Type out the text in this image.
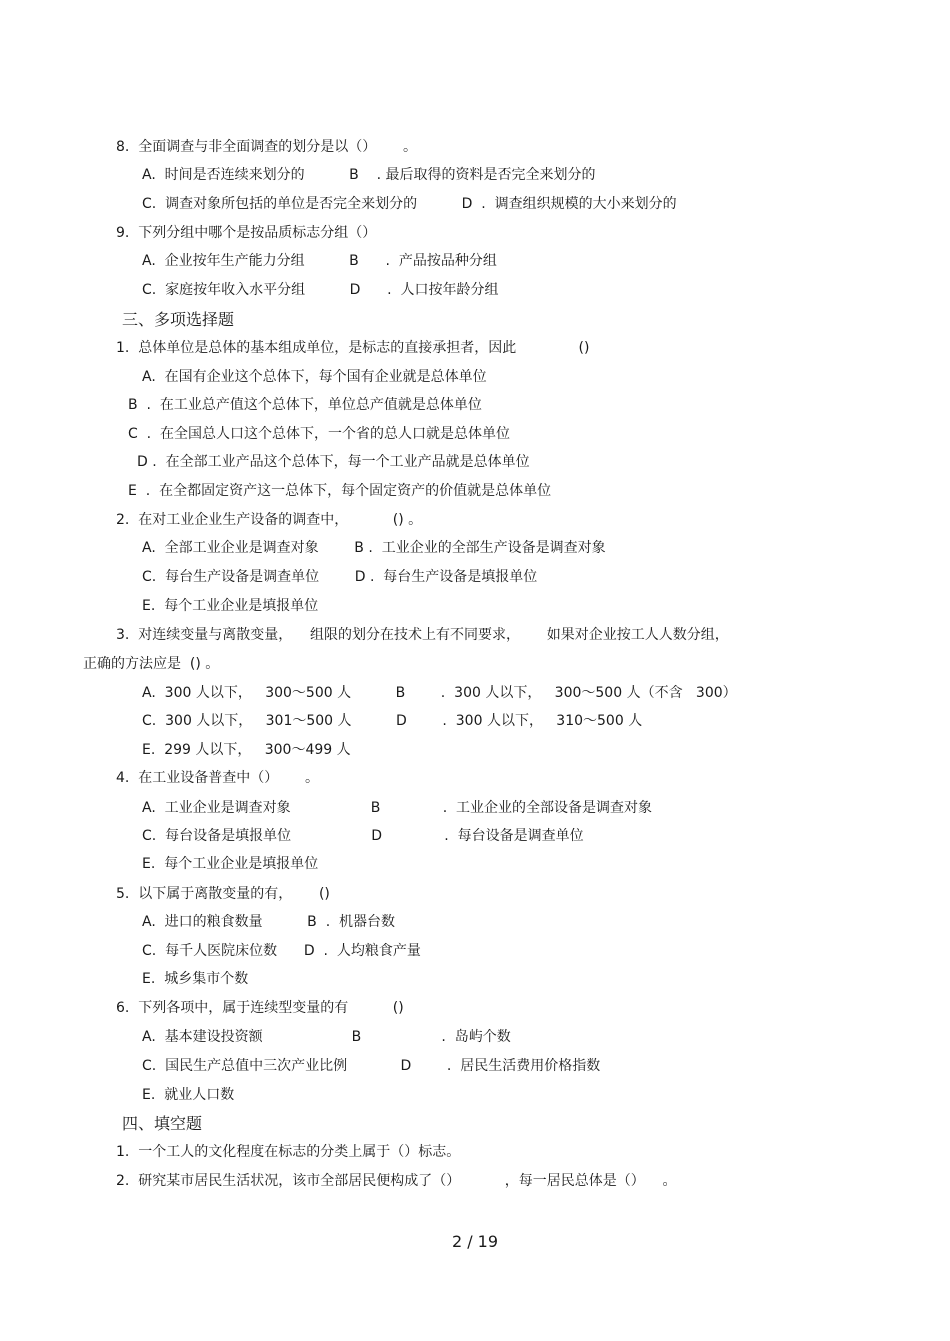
8.  全面调查与非全面调查的划分是以（）      。
A.  时间是否连续来划分的          B    . 最后取得的资料是否完全来划分的
C.  调查对象所包括的单位是否完全来划分的          D  .  调查组织规模的大小来划分的
9.  下列分组中哪个是按品质标志分组（）
A.  企业按年生产能力分组          B      .  产品按品种分组
C.  家庭按年收入水平分组          D      .  人口按年龄分组
三、多项选择题
1.  总体单位是总体的基本组成单位，是标志的直接承担者，因此              ()
A.  在国有企业这个总体下，每个国有企业就是总体单位
B  .  在工业总产值这个总体下，单位总产值就是总体单位
C  .  在全国总人口这个总体下，一个省的总人口就是总体单位
D .  在全部工业产品这个总体下，每一个工业产品就是总体单位
E  .  在全都固定资产这一总体下，每个固定资产的价值就是总体单位
2.  在对工业企业生产设备的调查中，          () 。
A.  全部工业企业是调查对象        B .  工业企业的全部生产设备是调查对象
C.  每台生产设备是调查单位        D .  每台生产设备是填报单位
E.  每个工业企业是填报单位
3.  对连续变量与离散变量，    组限的划分在技术上有不同要求，      如果对企业按工人人数分组，
正确的方法应是  () 。
A.  300 人以下，   300～500 人          B        .  300 人以下，   300～500 人（不含   300）
C.  300 人以下，   301～500 人          D        .  300 人以下，   310～500 人
E.  299 人以下，   300～499 人
4.  在工业设备普查中（）      。
A.  工业企业是调查对象                  B              .  工业企业的全部设备是调查对象
C.  每台设备是填报单位                  D              .  每台设备是调查单位
E.  每个工业企业是填报单位
5.  以下属于离散变量的有，      ()
A.  进口的粮食数量          B  .  机器台数
C.  每千人医院床位数      D  .  人均粮食产量
E.  城乡集市个数
6.  下列各项中，属于连续型变量的有          ()
A.  基本建设投资额                    B                  .  岛屿个数
C.  国民生产总值中三次产业比例            D        .  居民生活费用价格指数
E.  就业人口数
四、填空题
1.  一个工人的文化程度在标志的分类上属于（）标志。
2.  研究某市居民生活状况，该市全部居民便构成了（）          ，每一居民总体是（）    。
2 / 19
